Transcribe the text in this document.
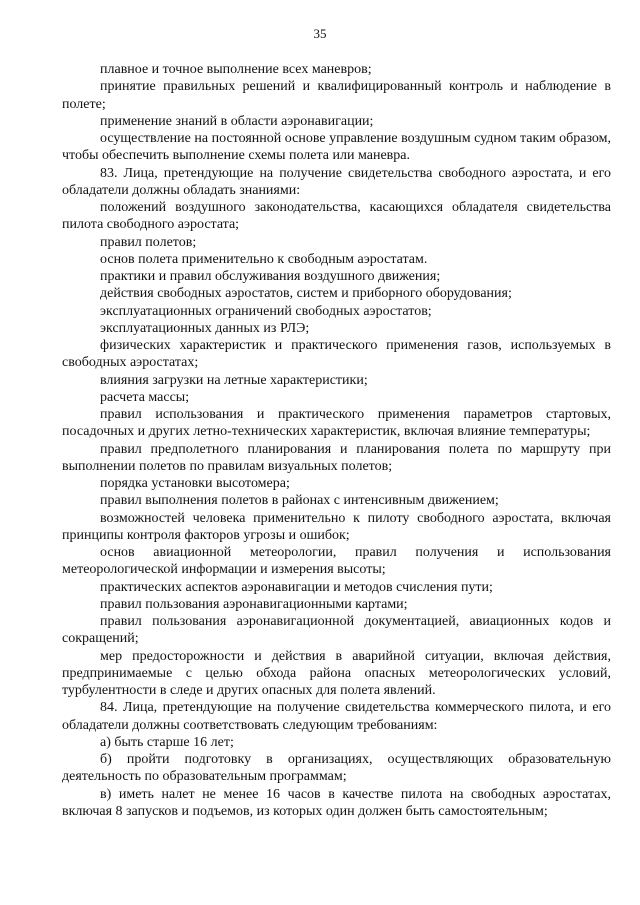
35

плавное и точное выполнение всех маневров;

принятие правильных решений и квалифицированный контроль и наблюдение в полете;

применение знаний в области аэронавигации;

осуществление на постоянной основе управление воздушным судном таким образом, чтобы обеспечить выполнение схемы полета или маневра.

83. Лица, претендующие на получение свидетельства свободного аэростата, и его обладатели должны обладать знаниями:

положений воздушного законодательства, касающихся обладателя свидетельства пилота свободного аэростата;

правил полетов;

основ полета применительно к свободным аэростатам.

практики и правил обслуживания воздушного движения;

действия свободных аэростатов, систем и приборного оборудования;

эксплуатационных ограничений свободных аэростатов;

эксплуатационных данных из РЛЭ;

физических характеристик и практического применения газов, используемых в свободных аэростатах;

влияния загрузки на летные характеристики;

расчета массы;

правил использования и практического применения параметров стартовых, посадочных и других летно-технических характеристик, включая влияние температуры;

правил предполетного планирования и планирования полета по маршруту при выполнении полетов по правилам визуальных полетов;

порядка установки высотомера;

правил выполнения полетов в районах с интенсивным движением;

возможностей человека применительно к пилоту свободного аэростата, включая принципы контроля факторов угрозы и ошибок;

основ авиационной метеорологии, правил получения и использования метеорологической информации и измерения высоты;

практических аспектов аэронавигации и методов счисления пути;

правил пользования аэронавигационными картами;

правил пользования аэронавигационной документацией, авиационных кодов и сокращений;

мер предосторожности и действия в аварийной ситуации, включая действия, предпринимаемые с целью обхода района опасных метеорологических условий, турбулентности в следе и других опасных для полета явлений.

84. Лица, претендующие на получение свидетельства коммерческого пилота, и его обладатели должны соответствовать следующим требованиям:

а) быть старше 16 лет;

б) пройти подготовку в организациях, осуществляющих образовательную деятельность по образовательным программам;

в) иметь налет не менее 16 часов в качестве пилота на свободных аэростатах, включая 8 запусков и подъемов, из которых один должен быть самостоятельным;
